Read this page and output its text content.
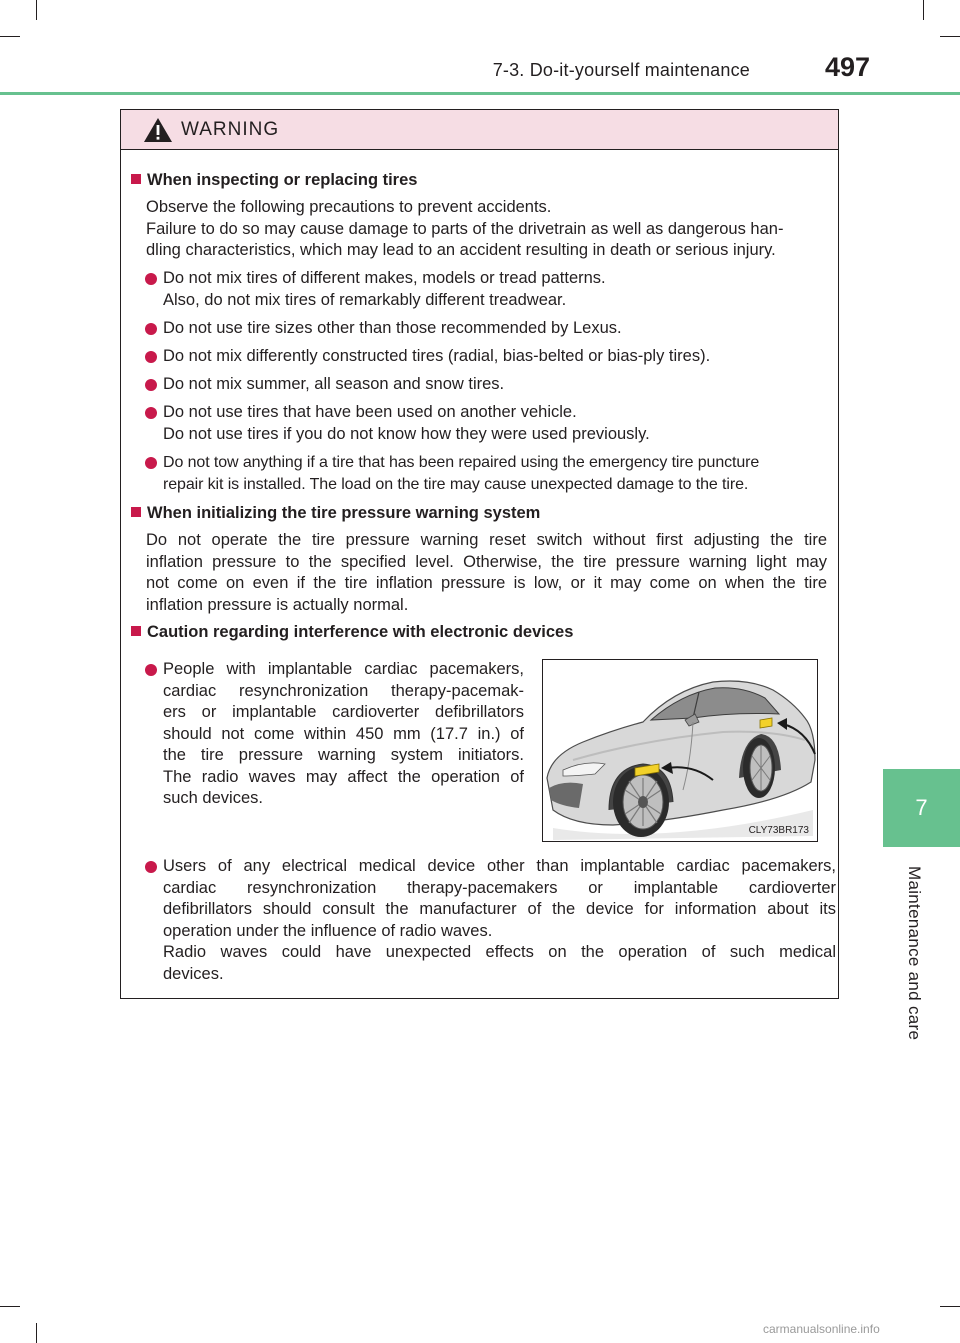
7-3. Do-it-yourself maintenance	497
7
Maintenance and care
WARNING
When inspecting or replacing tires
Observe the following precautions to prevent accidents.
Failure to do so may cause damage to parts of the drivetrain as well as dangerous han-
dling characteristics, which may lead to an accident resulting in death or serious injury.
Do not mix tires of different makes, models or tread patterns.
Also, do not mix tires of remarkably different treadwear.
Do not use tire sizes other than those recommended by Lexus.
Do not mix differently constructed tires (radial, bias-belted or bias-ply tires).
Do not mix summer, all season and snow tires.
Do not use tires that have been used on another vehicle.
Do not use tires if you do not know how they were used previously.
Do not tow anything if a tire that has been repaired using the emergency tire puncture
repair kit is installed. The load on the tire may cause unexpected damage to the tire.
When initializing the tire pressure warning system
Do not operate the tire pressure warning reset switch without first adjusting the tire
inflation pressure to the specified level. Otherwise, the tire pressure warning light may
not come on even if the tire inflation pressure is low, or it may come on when the tire
inflation pressure is actually normal.
Caution regarding interference with electronic devices
People with implantable cardiac pacemakers,
cardiac resynchronization therapy-pacemak-
ers or implantable cardioverter defibrillators
should not come within 450 mm (17.7 in.) of
the tire pressure warning system initiators.
The radio waves may affect the operation of
such devices.
CLY73BR173
Users of any electrical medical device other than implantable cardiac pacemakers,
cardiac resynchronization therapy-pacemakers or implantable cardioverter
defibrillators should consult the manufacturer of the device for information about its
operation under the influence of radio waves.
Radio waves could have unexpected effects on the operation of such medical
devices.
carmanualsonline.info
